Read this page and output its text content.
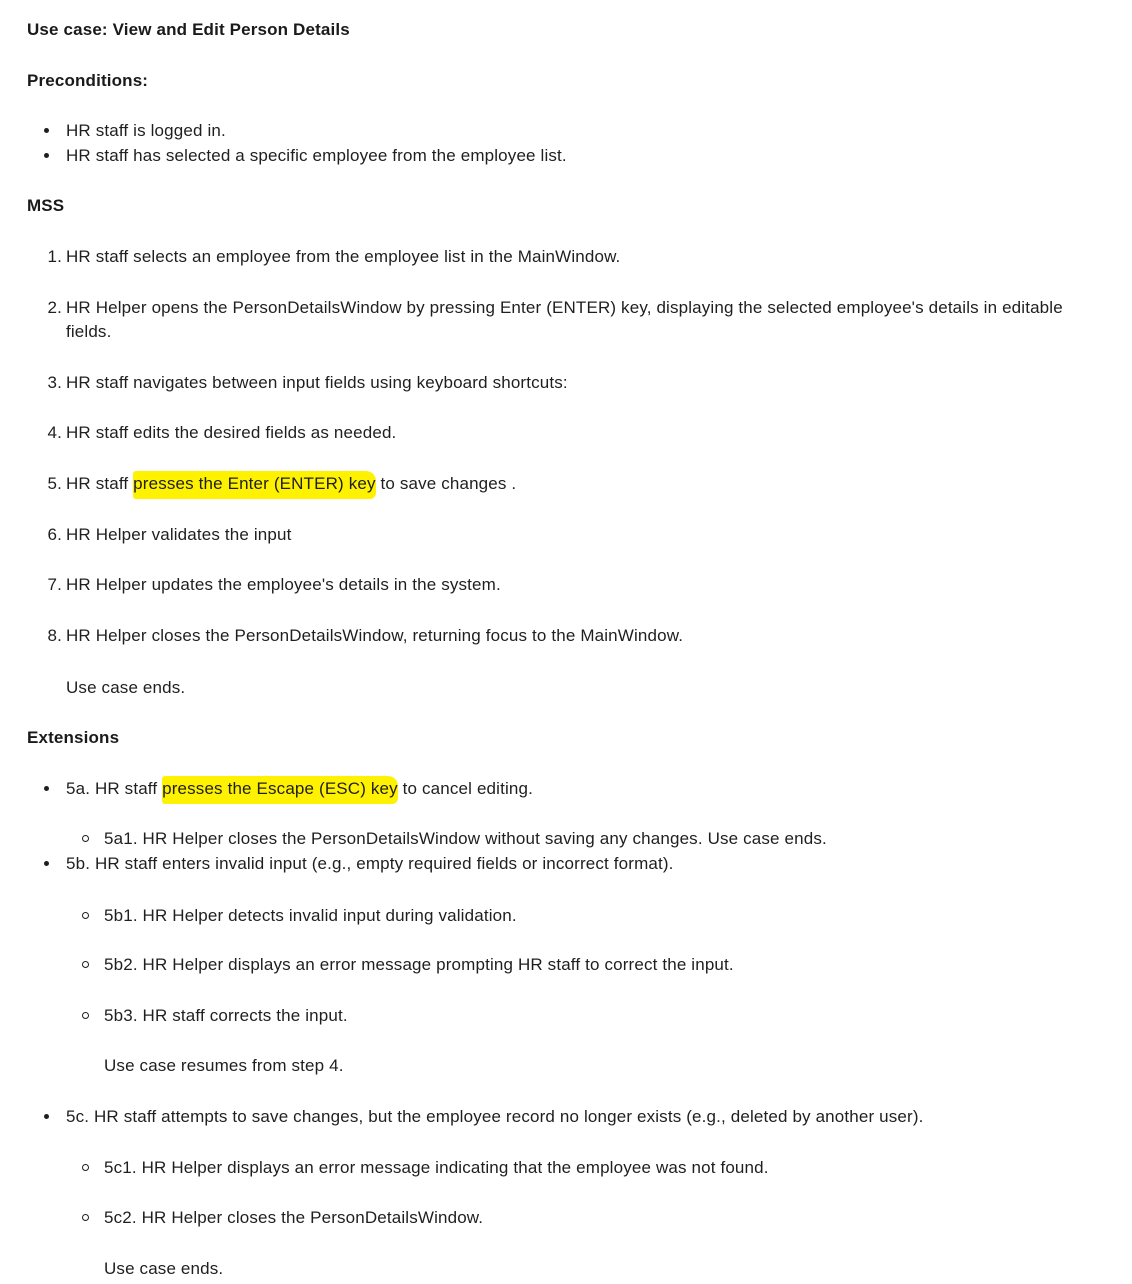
Use case: View and Edit Person Details
Preconditions:
HR staff is logged in.
HR staff has selected a specific employee from the employee list.
MSS
1. HR staff selects an employee from the employee list in the MainWindow.
2. HR Helper opens the PersonDetailsWindow by pressing Enter (ENTER) key, displaying the selected employee's details in editable
fields.
3. HR staff navigates between input fields using keyboard shortcuts:
4. HR staff edits the desired fields as needed.
5. HR staff presses the Enter (ENTER) key to save changes .
6. HR Helper validates the input
7. HR Helper updates the employee's details in the system.
8. HR Helper closes the PersonDetailsWindow, returning focus to the MainWindow.
Use case ends.
Extensions
5a. HR staff presses the Escape (ESC) key to cancel editing.
5a1. HR Helper closes the PersonDetailsWindow without saving any changes. Use case ends.
5b. HR staff enters invalid input (e.g., empty required fields or incorrect format).
5b1. HR Helper detects invalid input during validation.
5b2. HR Helper displays an error message prompting HR staff to correct the input.
5b3. HR staff corrects the input.
Use case resumes from step 4.
5c. HR staff attempts to save changes, but the employee record no longer exists (e.g., deleted by another user).
5c1. HR Helper displays an error message indicating that the employee was not found.
5c2. HR Helper closes the PersonDetailsWindow.
Use case ends.
